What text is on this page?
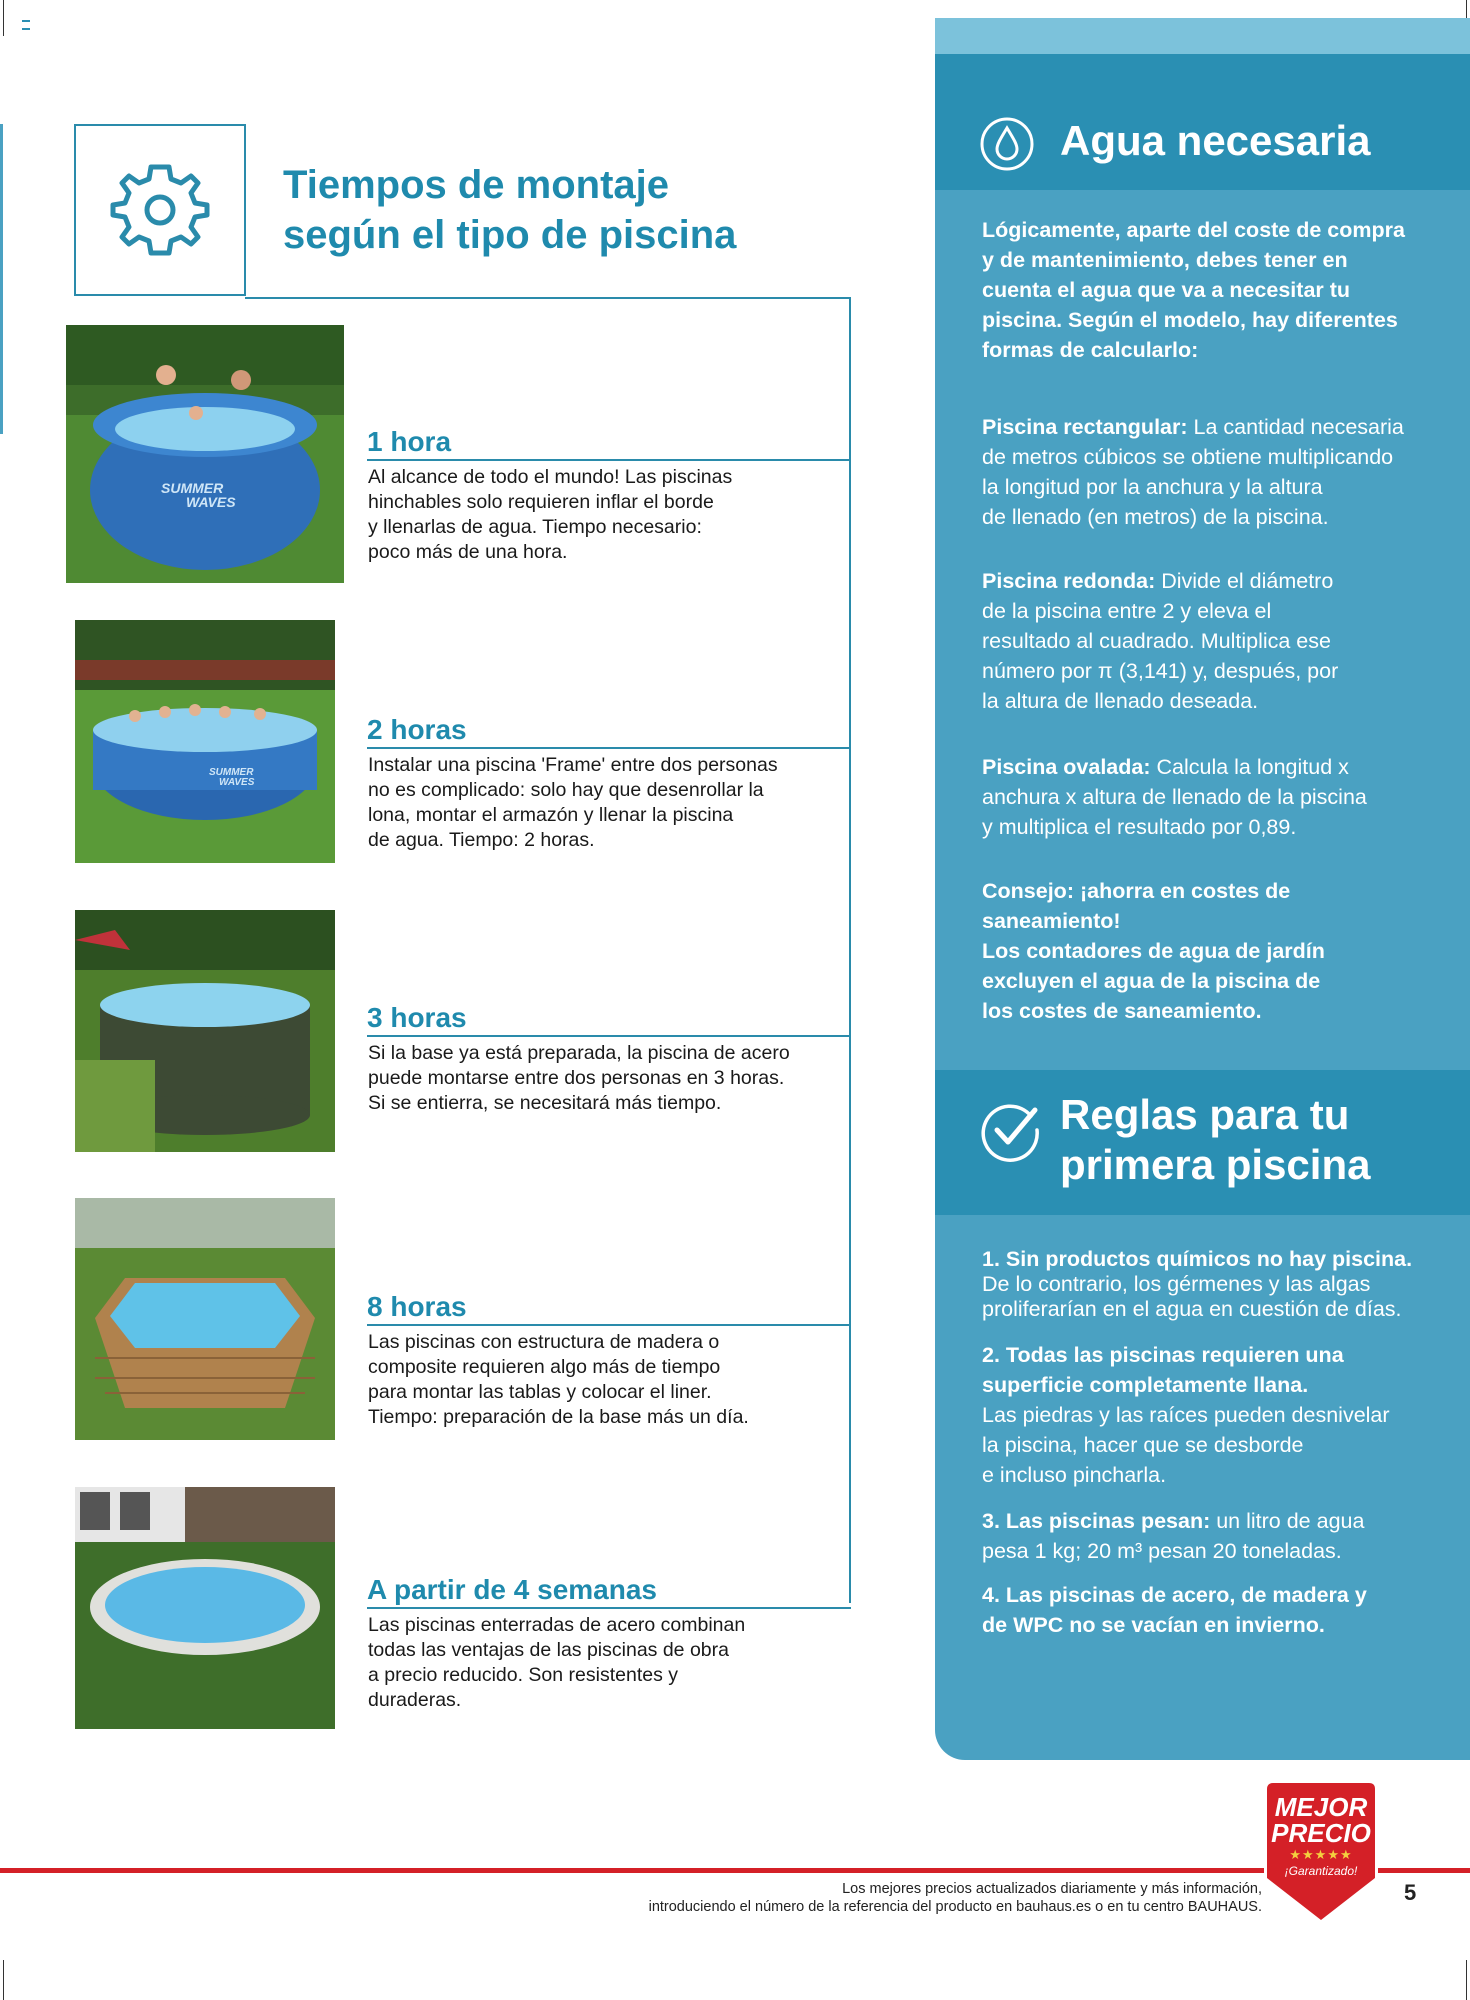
Tiempos de montaje
según el tipo de piscina
SUMMER
WAVES
1 hora
Al alcance de todo el mundo! Las piscinas
hinchables solo requieren inflar el borde
y llenarlas de agua. Tiempo necesario:
poco más de una hora.
SUMMER
WAVES
2 horas
Instalar una piscina 'Frame' entre dos personas
no es complicado: solo hay que desenrollar la
lona, montar el armazón y llenar la piscina
de agua. Tiempo: 2 horas.
3 horas
Si la base ya está preparada, la piscina de acero
puede montarse entre dos personas en 3 horas.
Si se entierra, se necesitará más tiempo.
8 horas
Las piscinas con estructura de madera o
composite requieren algo más de tiempo
para montar las tablas y colocar el liner.
Tiempo: preparación de la base más un día.
A partir de 4 semanas
Las piscinas enterradas de acero combinan
todas las ventajas de las piscinas de obra
a precio reducido. Son resistentes y
duraderas.
Agua necesaria
Lógicamente, aparte del coste de compra
y de mantenimiento, debes tener en
cuenta el agua que va a necesitar tu
piscina. Según el modelo, hay diferentes
formas de calcularlo:
Piscina rectangular: La cantidad necesaria
de metros cúbicos se obtiene multiplicando
la longitud por la anchura y la altura
de llenado (en metros) de la piscina.
Piscina redonda: Divide el diámetro
de la piscina entre 2 y eleva el
resultado al cuadrado. Multiplica ese
número por π (3,141) y, después, por
la altura de llenado deseada.
Piscina ovalada: Calcula la longitud x
anchura x altura de llenado de la piscina
y multiplica el resultado por 0,89.
Consejo: ¡ahorra en costes de saneamiento!
Los contadores de agua de jardín
excluyen el agua de la piscina de
los costes de saneamiento.
Reglas para tu
primera piscina
1. Sin productos químicos no hay piscina.
De lo contrario, los gérmenes y las algas
proliferarían en el agua en cuestión de días.
2. Todas las piscinas requieren una
superficie completamente llana.
Las piedras y las raíces pueden desnivelar
la piscina, hacer que se desborde
e incluso pincharla.
3. Las piscinas pesan: un litro de agua
pesa 1 kg; 20 m³ pesan 20 toneladas.
4. Las piscinas de acero, de madera y
de WPC no se vacían en invierno.
MEJOR
PRECIO
★★★★★
¡Garantizado!
Los mejores precios actualizados diariamente y más información,
introduciendo el número de la referencia del producto en bauhaus.es o en tu centro BAUHAUS.
5
